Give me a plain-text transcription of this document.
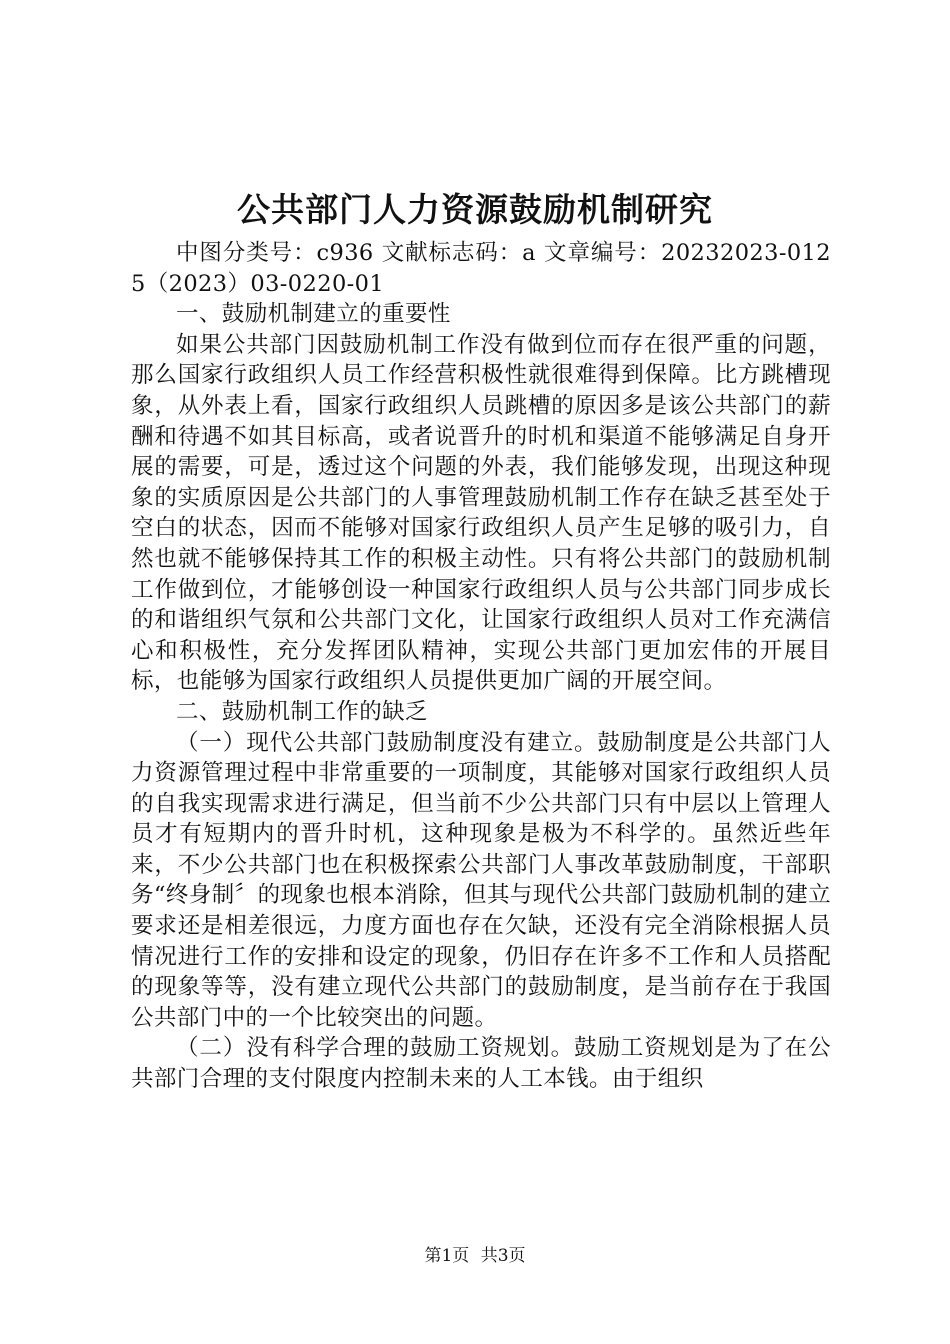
公共部门人力资源鼓励机制研究

中图分类号：c936 文献标志码：a 文章编号：20232023-0125（2023）03-0220-01

一、鼓励机制建立的重要性

如果公共部门因鼓励机制工作没有做到位而存在很严重的问题，那么国家行政组织人员工作经营积极性就很难得到保障。比方跳槽现象，从外表上看，国家行政组织人员跳槽的原因多是该公共部门的薪酬和待遇不如其目标高，或者说晋升的时机和渠道不能够满足自身开展的需要，可是，透过这个问题的外表，我们能够发现，出现这种现象的实质原因是公共部门的人事管理鼓励机制工作存在缺乏甚至处于空白的状态，因而不能够对国家行政组织人员产生足够的吸引力，自然也就不能够保持其工作的积极主动性。只有将公共部门的鼓励机制工作做到位，才能够创设一种国家行政组织人员与公共部门同步成长的和谐组织气氛和公共部门文化，让国家行政组织人员对工作充满信心和积极性，充分发挥团队精神，实现公共部门更加宏伟的开展目标，也能够为国家行政组织人员提供更加广阔的开展空间。

二、鼓励机制工作的缺乏

（一）现代公共部门鼓励制度没有建立。鼓励制度是公共部门人力资源管理过程中非常重要的一项制度，其能够对国家行政组织人员的自我实现需求进行满足，但当前不少公共部门只有中层以上管理人员才有短期内的晋升时机，这种现象是极为不科学的。虽然近些年来，不少公共部门也在积极探索公共部门人事改革鼓励制度，干部职务“终身制〞的现象也根本消除，但其与现代公共部门鼓励机制的建立要求还是相差很远，力度方面也存在欠缺，还没有完全消除根据人员情况进行工作的安排和设定的现象，仍旧存在许多不工作和人员搭配的现象等等，没有建立现代公共部门的鼓励制度，是当前存在于我国公共部门中的一个比较突出的问题。

（二）没有科学合理的鼓励工资规划。鼓励工资规划是为了在公共部门合理的支付限度内控制未来的人工本钱。由于组织

第1页 共3页
